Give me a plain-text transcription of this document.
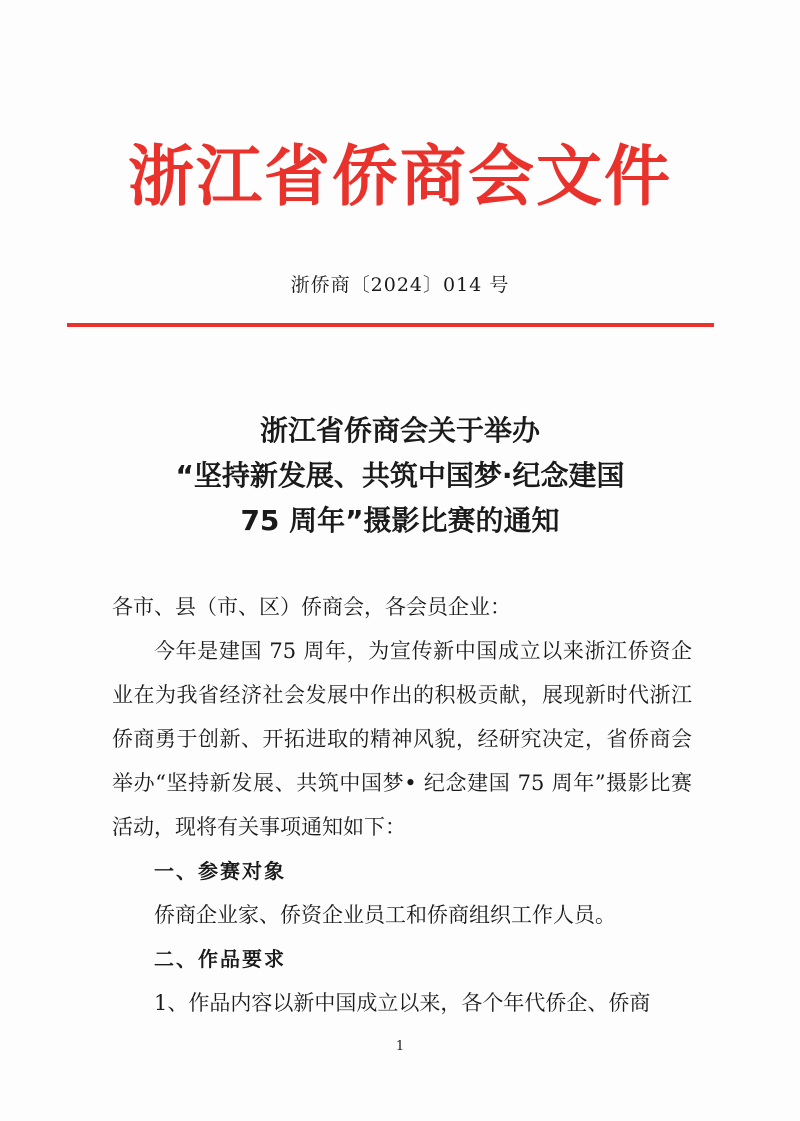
浙江省侨商会文件
浙侨商〔2024〕014 号
浙江省侨商会关于举办
“坚持新发展、共筑中国梦·纪念建国
75 周年”摄影比赛的通知

各市、县（市、区）侨商会，各会员企业：

今年是建国 75 周年，为宣传新中国成立以来浙江侨资企业在为我省经济社会发展中作出的积极贡献，展现新时代浙江侨商勇于创新、开拓进取的精神风貌，经研究决定，省侨商会举办“坚持新发展、共筑中国梦• 纪念建国 75 周年”摄影比赛活动，现将有关事项通知如下：

一、参赛对象

侨商企业家、侨资企业员工和侨商组织工作人员。

二、作品要求

1、作品内容以新中国成立以来，各个年代侨企、侨商

1
